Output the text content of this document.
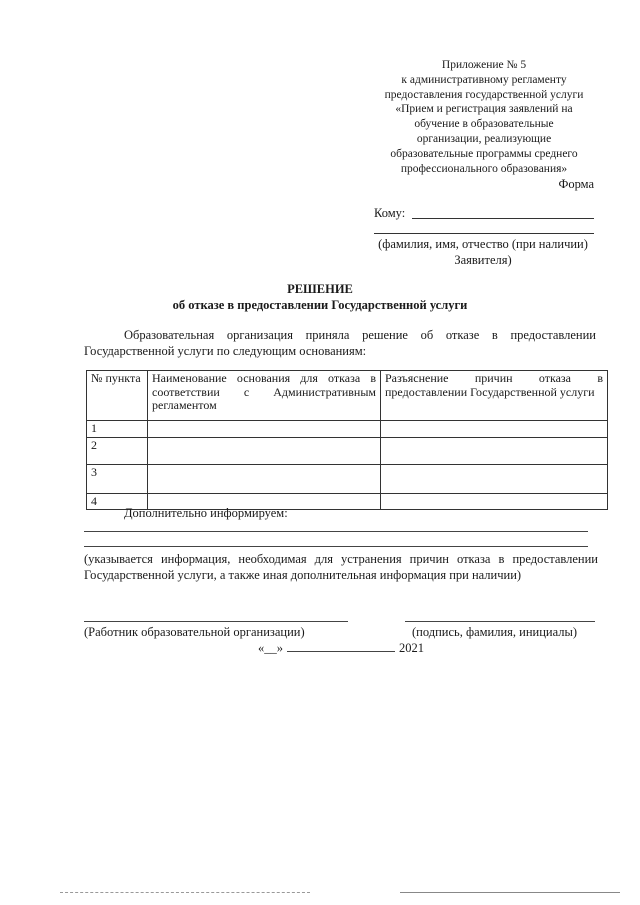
Приложение № 5
к административному регламенту
предоставления государственной услуги
«Прием и регистрация заявлений на
обучение в образовательные
организации, реализующие
образовательные программы среднего
профессионального образования»
Форма
Кому:
(фамилия, имя, отчество (при наличии) Заявителя)
РЕШЕНИЕ
об отказе в предоставлении Государственной услуги
Образовательная организация приняла решение об отказе в предоставлении Государственной услуги по следующим основаниям:
№ пункта	Наименование основания для отказа в соответствии с Административным регламентом	Разъяснение причин отказа в предоставлении Государственной услуги
1		
2		
3		
4		
Дополнительно информируем:
(указывается информация, необходимая для устранения причин отказа в предоставлении Государственной услуги, а также иная дополнительная информация при наличии)
(Работник образовательной организации)	(подпись, фамилия, инициалы)
«__»	2021
